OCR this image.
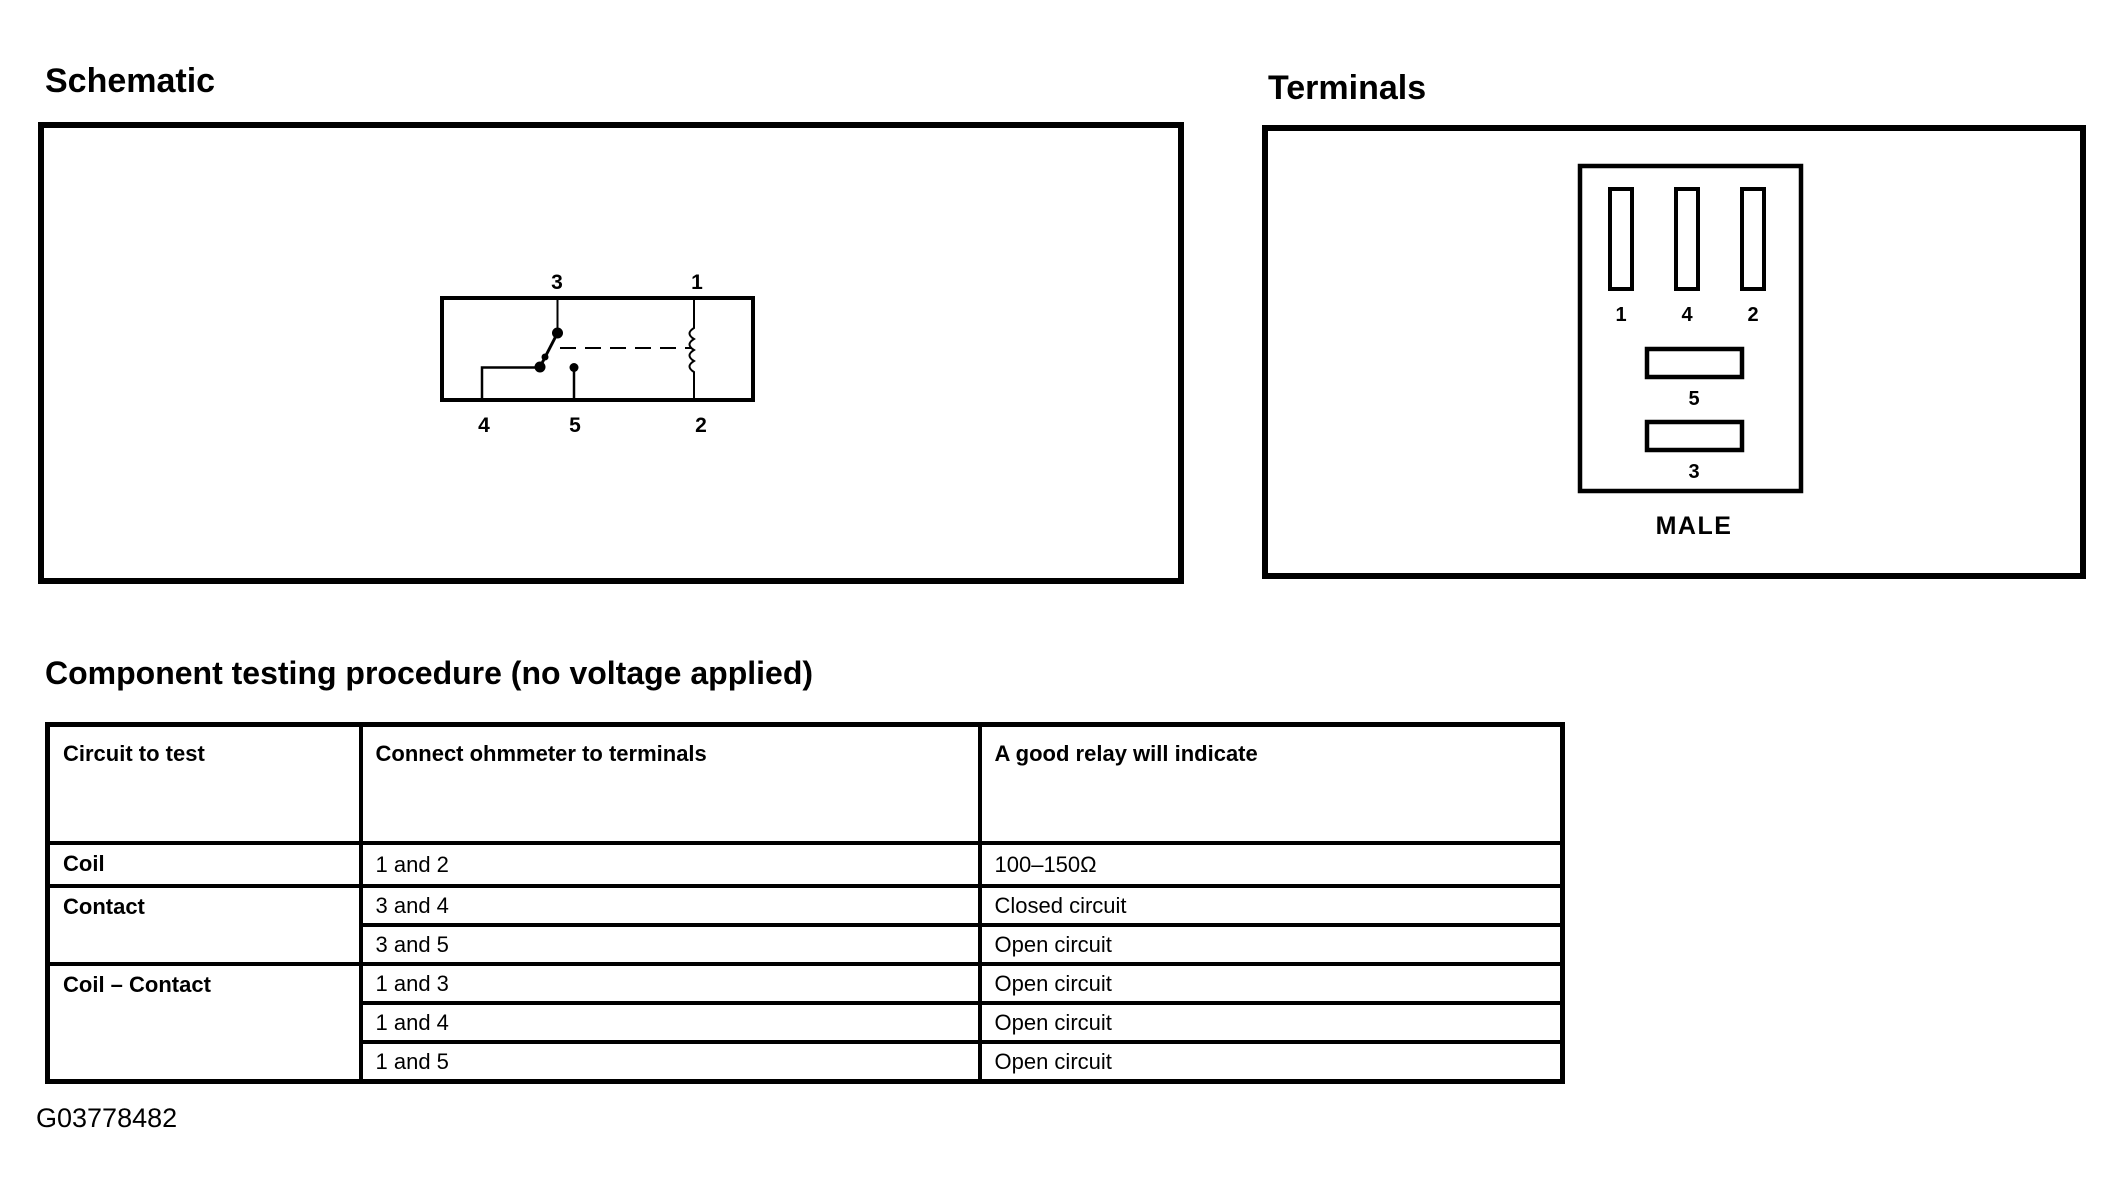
Schematic
3	1
4	5	2
Terminals
1	4	2
5
3
MALE
Component testing procedure (no voltage applied)
Circuit to test	Connect ohmmeter to terminals	A good relay will indicate
Coil	1 and 2	100–150Ω
Contact	3 and 4	Closed circuit
	3 and 5	Open circuit
Coil – Contact	1 and 3	Open circuit
	1 and 4	Open circuit
	1 and 5	Open circuit
G03778482
